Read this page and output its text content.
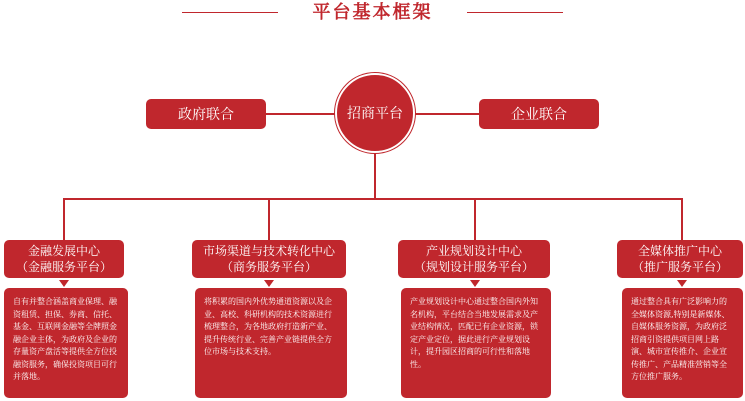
平台基本框架
政府联合	企业联合
招商平台
金融发展中心
（金融服务平台）
市场渠道与技术转化中心
（商务服务平台）
产业规划设计中心
（规划设计服务平台）
全媒体推广中心
（推广服务平台）
自有并整合涵盖商业保理、融资租赁、担保、券商、信托、基金、互联网金融等全牌照金融企业主体，为政府及企业的存量资产盘活等提供全方位投融资服务，确保投资项目可行并落地。
将积累的国内外优势通道资源以及企业、高校、科研机构的技术资源进行梳理整合，为各地政府打造新产业、提升传统行业、完善产业链提供全方位市场与技术支持。
产业规划设计中心通过整合国内外知名机构，平台结合当地发展需求及产业结构情况，匹配已有企业资源，锁定产业定位，据此进行产业规划设计，提升园区招商的可行性和落地性。
通过整合具有广泛影响力的全媒体资源,特别是新媒体、自媒体服务资源，为政府泛招商引资提供项目网上路演、城市宣传推介、企业宣传推广、产品精准营销等全方位推广服务。
